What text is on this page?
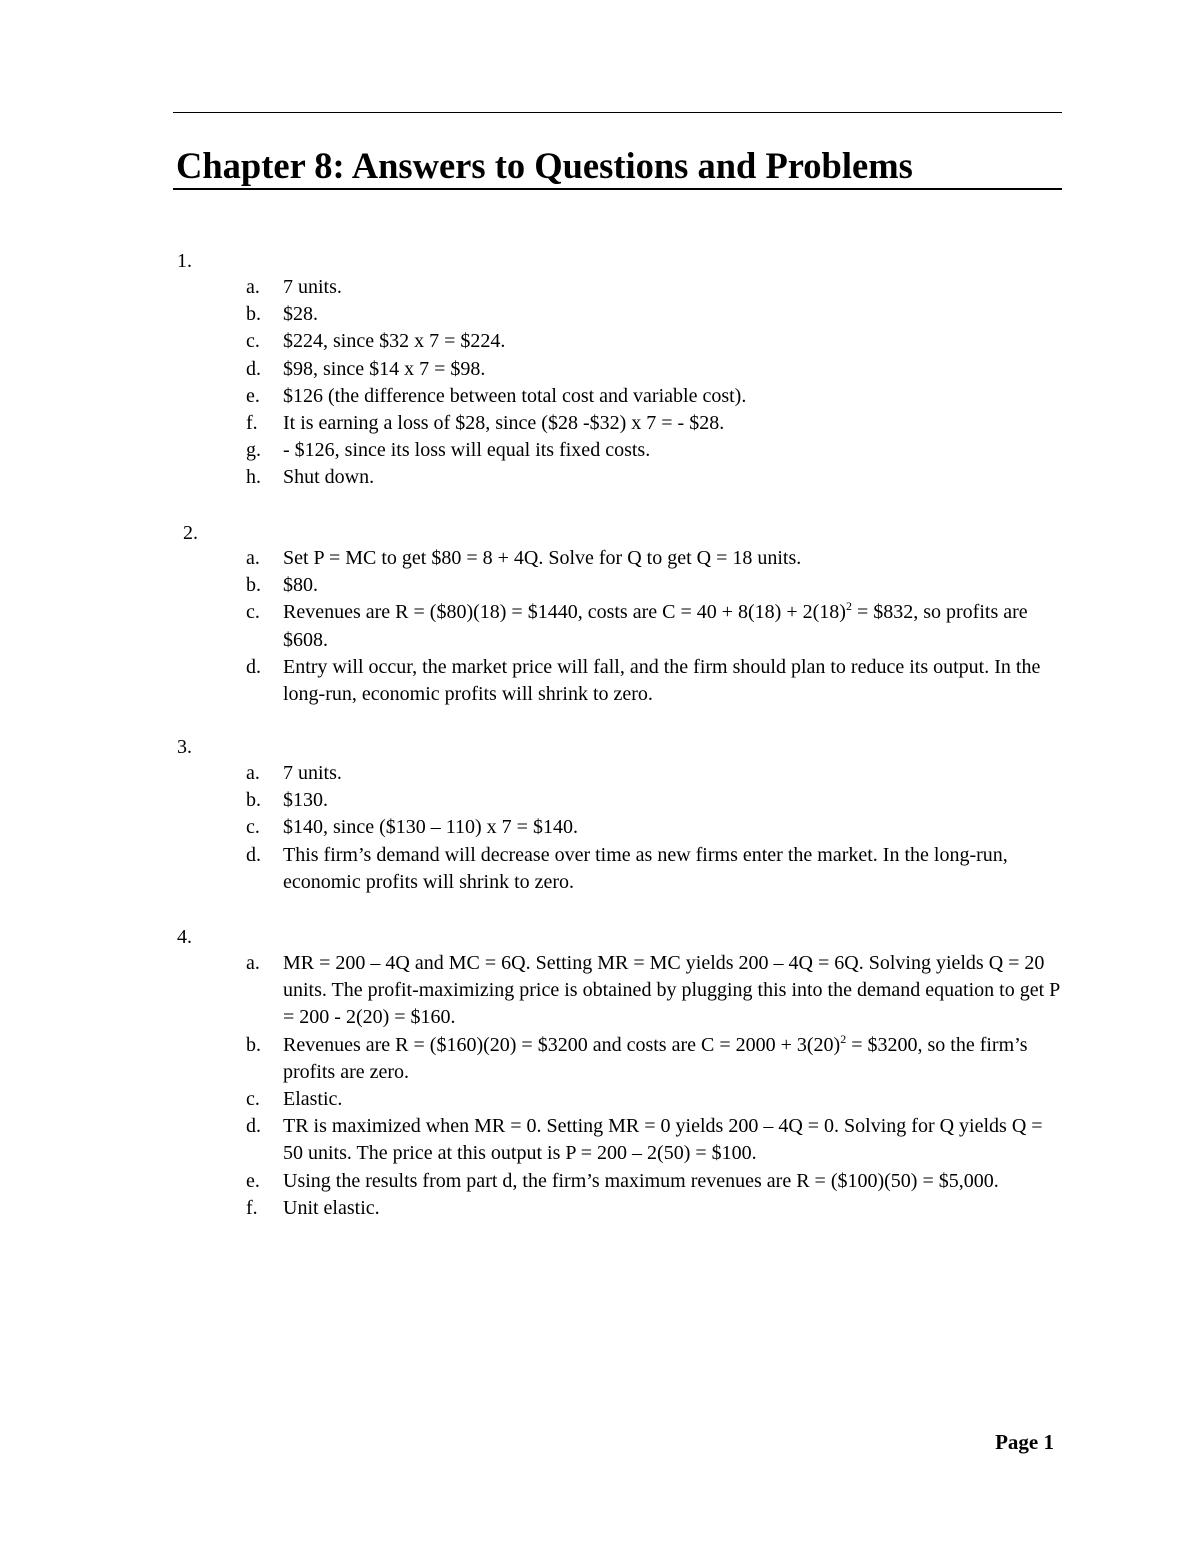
Chapter 8: Answers to Questions and Problems
1.
a. 7 units.
b. $28.
c. $224, since $32 x 7 = $224.
d. $98, since $14 x 7 = $98.
e. $126 (the difference between total cost and variable cost).
f. It is earning a loss of $28, since ($28 -$32) x 7 = - $28.
g. - $126, since its loss will equal its fixed costs.
h. Shut down.
2.
a. Set P = MC to get $80 = 8 + 4Q. Solve for Q to get Q = 18 units.
b. $80.
c. Revenues are R = ($80)(18) = $1440, costs are $C = 40 + 8(18) + 2(18)^2$ = $832, so profits are $608.
d. Entry will occur, the market price will fall, and the firm should plan to reduce its output. In the long-run, economic profits will shrink to zero.
3.
a. 7 units.
b. $130.
c. $140, since ($130 – 110) x 7 = $140.
d. This firm’s demand will decrease over time as new firms enter the market. In the long-run, economic profits will shrink to zero.
4.
a. MR = 200 – 4Q and MC = 6Q. Setting MR = MC yields 200 – 4Q = 6Q. Solving yields Q = 20 units. The profit-maximizing price is obtained by plugging this into the demand equation to get P = 200 - 2(20) = $160.
b. Revenues are R = ($160)(20) = $3200 and costs are $C = 2000 + 3(20)^2$ = $3200, so the firm’s profits are zero.
c. Elastic.
d. TR is maximized when MR = 0. Setting MR = 0 yields 200 – 4Q = 0. Solving for Q yields Q = 50 units. The price at this output is P = 200 – 2(50) = $100.
e. Using the results from part d, the firm’s maximum revenues are R = ($100)(50) = $5,000.
f. Unit elastic.
Page 1
